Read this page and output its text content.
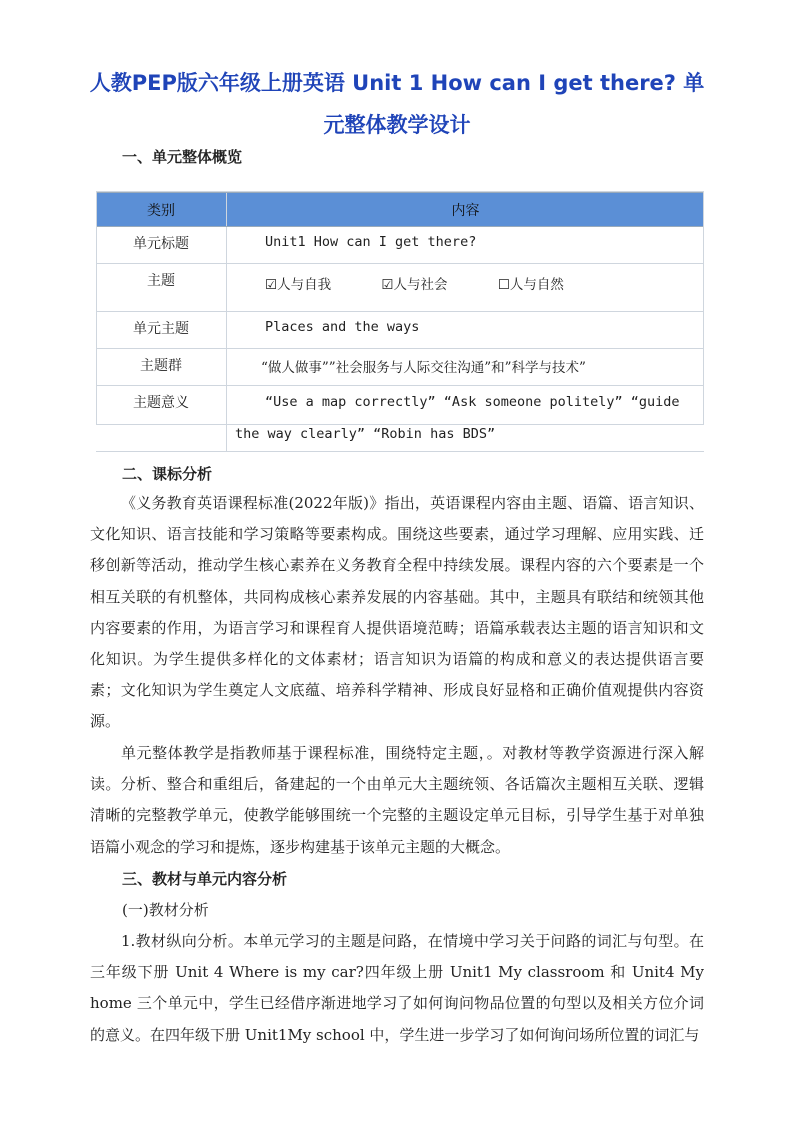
人教PEP版六年级上册英语 Unit 1 How can I get there? 单元整体教学设计
一、单元整体概览
类别	内容
单元标题	Unit1 How can I get there?
主题	☑人与自我 ☑人与社会 ☐人与自然
单元主题	Places and the ways
主题群	“做人做事””社会服务与人际交往沟通”和”科学与技术”
主题意义	“Use a map correctly” “Ask someone politely” “guide the way clearly” “Robin has BDS”
二、课标分析
《义务教育英语课程标准(2022年版)》指出，英语课程内容由主题、语篇、语言知识、文化知识、语言技能和学习策略等要素构成。围绕这些要素，通过学习理解、应用实践、迁移创新等活动，推动学生核心素养在义务教育全程中持续发展。课程内容的六个要素是一个相互关联的有机整体，共同构成核心素养发展的内容基础。其中，主题具有联结和统领其他内容要素的作用，为语言学习和课程育人提供语境范畴；语篇承载表达主题的语言知识和文化知识。为学生提供多样化的文体素材；语言知识为语篇的构成和意义的表达提供语言要素；文化知识为学生奠定人文底蕴、培养科学精神、形成良好显格和正确价值观提供内容资源。
单元整体教学是指教师基于课程标准，围绕特定主题，。对教材等教学资源进行深入解读。分析、整合和重组后，备建起的一个由单元大主题统领、各话篇次主题相互关联、逻辑清晰的完整教学单元，使教学能够围统一个完整的主题设定单元目标，引导学生基于对单独语篇小观念的学习和提炼，逐步构建基于该单元主题的大概念。
三、教材与单元内容分析
(一)教材分析
1.教材纵向分析。本单元学习的主题是问路，在情境中学习关于问路的词汇与句型。在三年级下册 Unit 4 Where is my car?四年级上册 Unit1 My classroom 和 Unit4 My home 三个单元中，学生已经借序渐进地学习了如何询问物品位置的句型以及相关方位介词的意义。在四年级下册 Unit1My school 中，学生进一步学习了如何询问场所位置的词汇与
